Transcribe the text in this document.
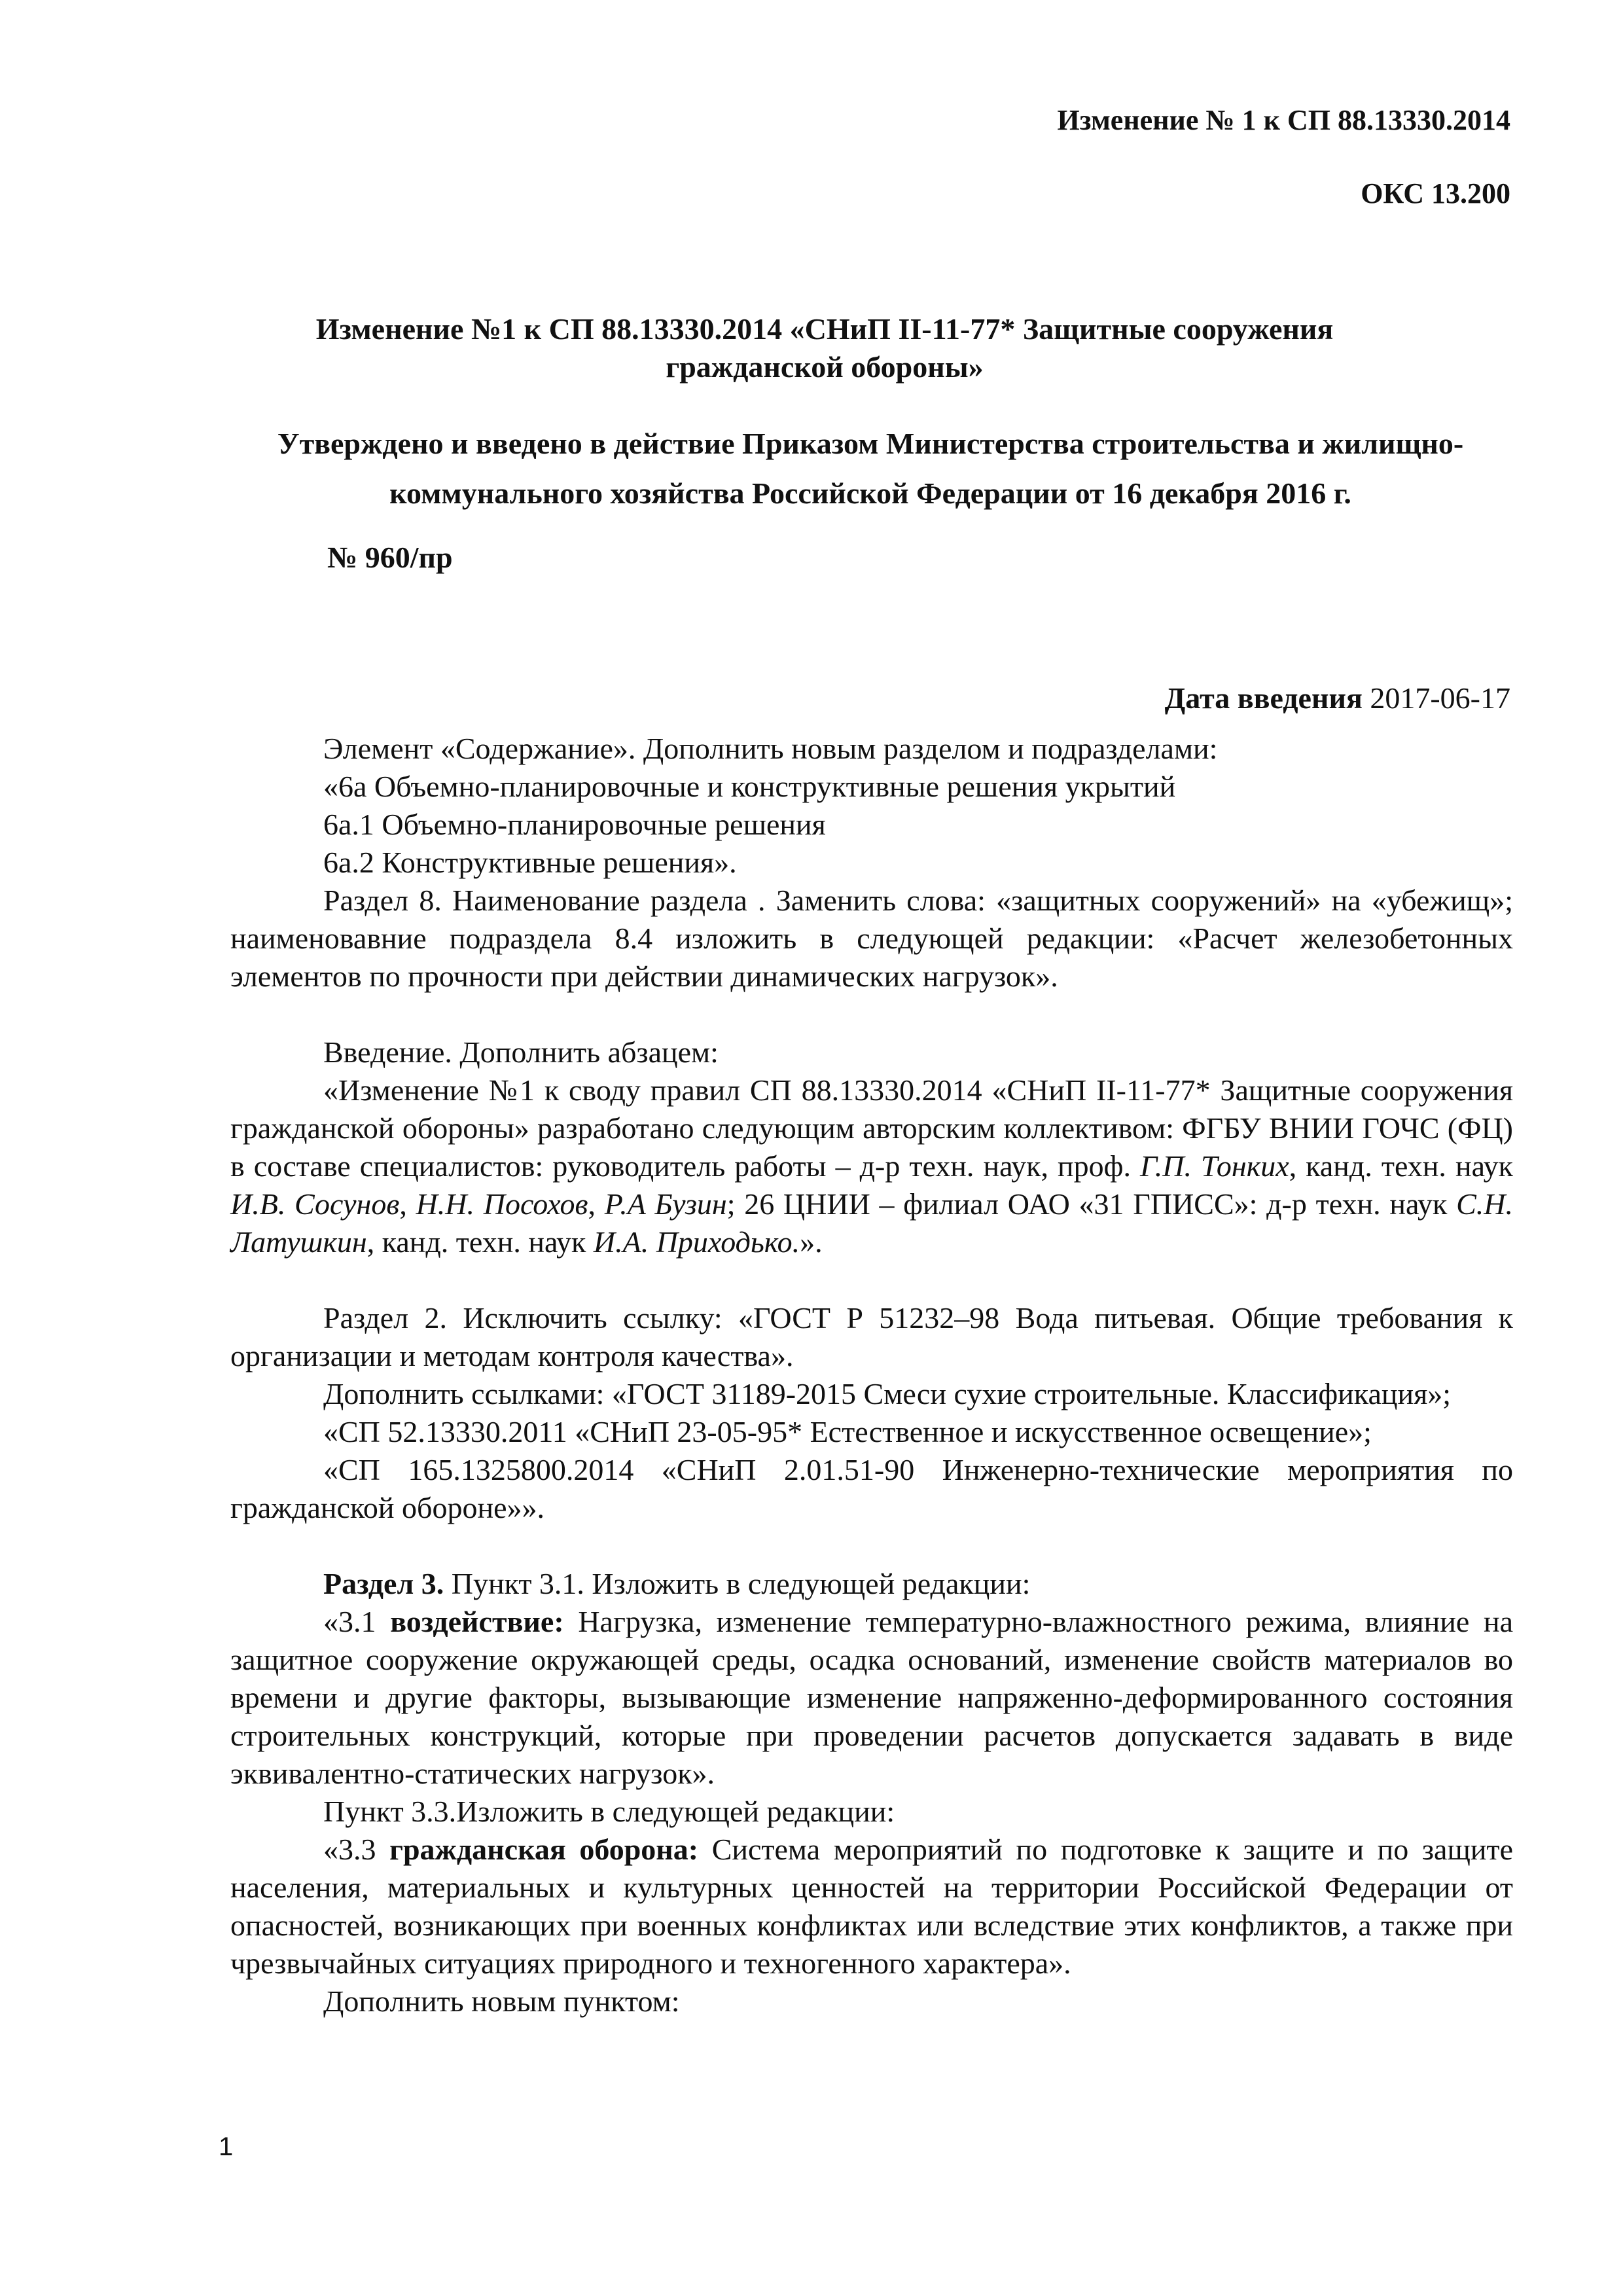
Изменение № 1 к СП 88.13330.2014
ОКС 13.200
Изменение №1 к СП 88.13330.2014 «СНиП II-11-77* Защитные сооружения гражданской обороны»
Утверждено и введено в действие Приказом Министерства строительства и жилищно-коммунального хозяйства Российской Федерации от 16 декабря 2016 г.
№ 960/пр
Дата введения 2017-06-17

Элемент «Содержание». Дополнить новым разделом и подразделами:

«6а Объемно-планировочные и конструктивные решения укрытий

6а.1 Объемно-планировочные решения

6а.2 Конструктивные решения».

Раздел 8. Наименование раздела . Заменить слова: «защитных сооружений» на «убежищ»; наименовавние подраздела 8.4 изложить в следующей редакции: «Расчет железобетонных элементов по прочности при действии динамических нагрузок».

Введение. Дополнить абзацем:

«Изменение №1 к своду правил СП 88.13330.2014 «СНиП II-11-77* Защитные сооружения гражданской обороны» разработано следующим авторским коллективом: ФГБУ ВНИИ ГОЧС (ФЦ) в составе специалистов: руководитель работы – д-р техн. наук, проф. Г.П. Тонких, канд. техн. наук И.В. Сосунов, Н.Н. Посохов, Р.А Бузин; 26 ЦНИИ – филиал ОАО «31 ГПИСС»: д-р техн. наук С.Н. Латушкин, канд. техн. наук И.А. Приходько.».

Раздел 2. Исключить ссылку: «ГОСТ Р 51232–98 Вода питьевая. Общие требования к организации и методам контроля качества».

Дополнить ссылками: «ГОСТ 31189-2015 Смеси сухие строительные. Классификация»;

«СП 52.13330.2011 «СНиП 23-05-95* Естественное и искусственное освещение»;

«СП 165.1325800.2014 «СНиП 2.01.51-90 Инженерно-технические мероприятия по гражданской обороне»».

Раздел 3. Пункт 3.1. Изложить в следующей редакции:

«3.1 воздействие: Нагрузка, изменение температурно-влажностного режима, влияние на защитное сооружение окружающей среды, осадка оснований, изменение свойств материалов во времени и другие факторы, вызывающие изменение напряженно-деформированного состояния строительных конструкций, которые при проведении расчетов допускается задавать в виде эквивалентно-статических нагрузок».

Пункт 3.3.Изложить в следующей редакции:

«3.3 гражданская оборона: Система мероприятий по подготовке к защите и по защите населения, материальных и культурных ценностей на территории Российской Федерации от опасностей, возникающих при военных конфликтах или вследствие этих конфликтов, а также при чрезвычайных ситуациях природного и техногенного характера».

Дополнить новым пунктом:

1
